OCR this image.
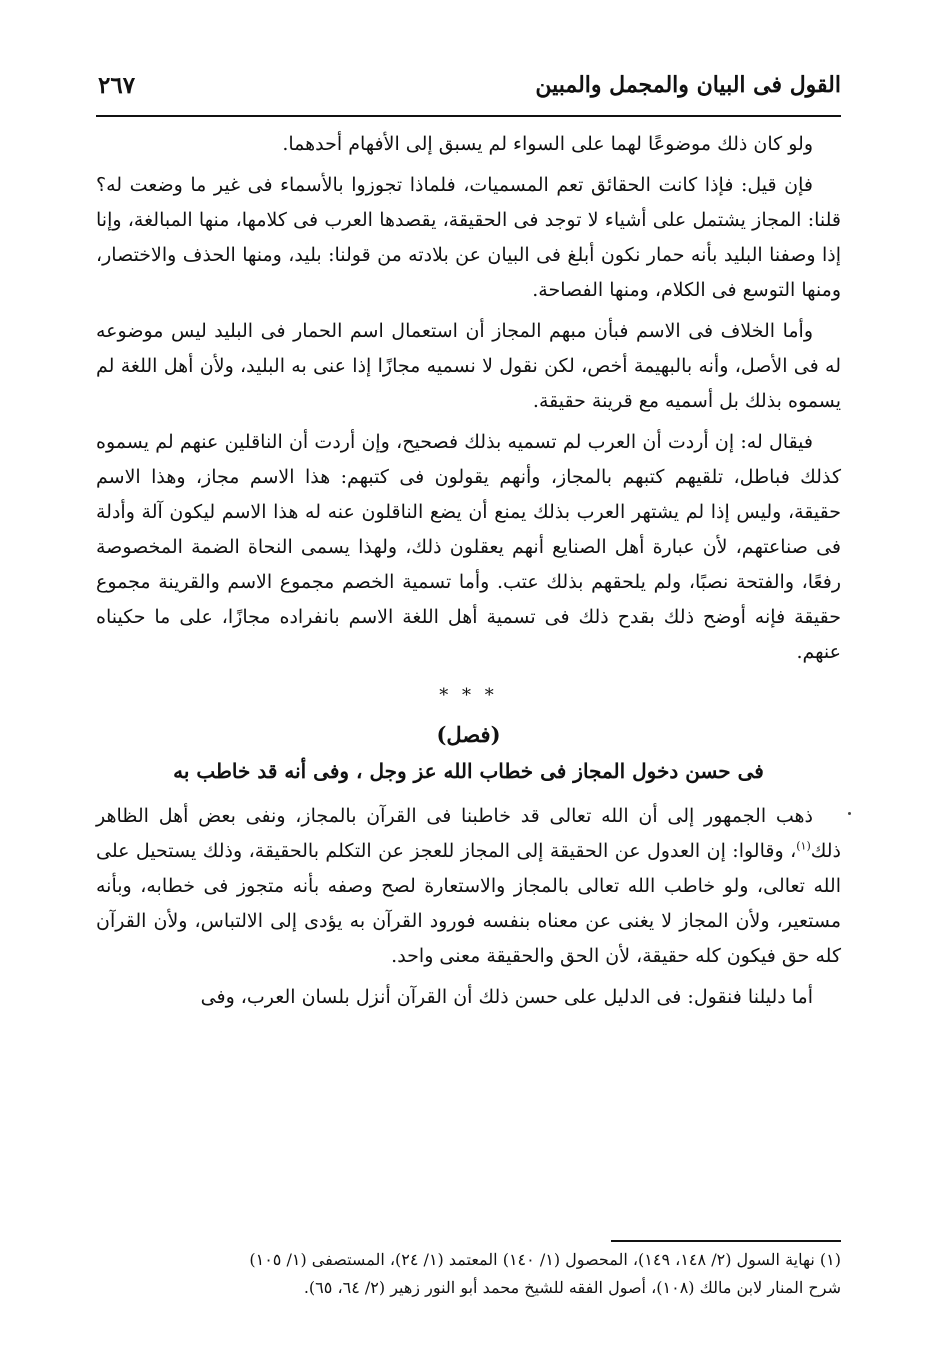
القول فى البيان والمجمل والمبين
٢٦٧

ولو كان ذلك موضوعًا لهما على السواء لم يسبق إلى الأفهام أحدهما.

فإن قيل: فإذا كانت الحقائق تعم المسميات، فلماذا تجوزوا بالأسماء فى غير ما وضعت له؟ قلنا: المجاز يشتمل على أشياء لا توجد فى الحقيقة، يقصدها العرب فى كلامها، منها المبالغة، وإنا إذا وصفنا البليد بأنه حمار نكون أبلغ فى البيان عن بلادته من قولنا: بليد، ومنها الحذف والاختصار، ومنها التوسع فى الكلام، ومنها الفصاحة.

وأما الخلاف فى الاسم فبأن مبهم المجاز أن استعمال اسم الحمار فى البليد ليس موضوعه له فى الأصل، وأنه بالبهيمة أخص، لكن نقول لا نسميه مجازًا إذا عنى به البليد، ولأن أهل اللغة لم يسموه بذلك بل أسميه مع قرينة حقيقة.

فيقال له: إن أردت أن العرب لم تسميه بذلك فصحيح، وإن أردت أن الناقلين عنهم لم يسموه كذلك فباطل، تلقيهم كتبهم بالمجاز، وأنهم يقولون فى كتبهم: هذا الاسم مجاز، وهذا الاسم حقيقة، وليس إذا لم يشتهر العرب بذلك يمنع أن يضع الناقلون عنه له هذا الاسم ليكون آلة وأدلة فى صناعتهم، لأن عبارة أهل الصنايع أنهم يعقلون ذلك، ولهذا يسمى النحاة الضمة المخصوصة رفعًا، والفتحة نصبًا، ولم يلحقهم بذلك عتب. وأما تسمية الخصم مجموع الاسم والقرينة مجموع حقيقة فإنه أوضح ذلك بقدح ذلك فى تسمية أهل اللغة الاسم بانفراده مجازًا، على ما حكيناه عنهم.

* * *
(فصل)
فى حسن دخول المجاز فى خطاب الله عز وجل ، وفى أنه قد خاطب به

ذهب الجمهور إلى أن الله تعالى قد خاطبنا فى القرآن بالمجاز، ونفى بعض أهل الظاهر ذلك$^{(١)}$، وقالوا: إن العدول عن الحقيقة إلى المجاز للعجز عن التكلم بالحقيقة، وذلك يستحيل على الله تعالى، ولو خاطب الله تعالى بالمجاز والاستعارة لصح وصفه بأنه متجوز فى خطابه، وبأنه مستعير، ولأن المجاز لا يغنى عن معناه بنفسه فورود القرآن به يؤدى إلى الالتباس، ولأن القرآن كله حق فيكون كله حقيقة، لأن الحق والحقيقة معنى واحد.

أما دليلنا فنقول: فى الدليل على حسن ذلك أن القرآن أنزل بلسان العرب، وفى

(١) نهاية السول (٢/ ١٤٨، ١٤٩)، المحصول (١/ ١٤٠) المعتمد (١/ ٢٤)، المستصفى (١/ ١٠٥)

شرح المنار لابن مالك (١٠٨)، أصول الفقه للشيخ محمد أبو النور زهير (٢/ ٦٤، ٦٥).
